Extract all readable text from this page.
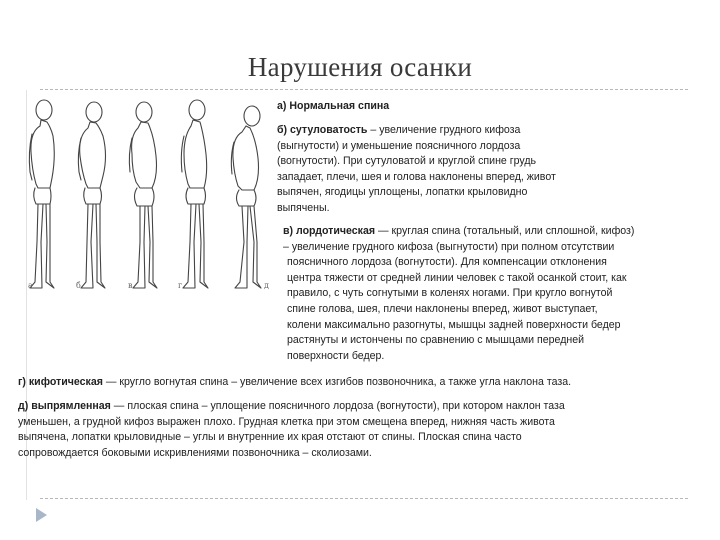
Нарушения осанки
а	б	в	г	д
а) Нормальная спина
б) сутуловатость – увеличение грудного кифоза
(выгнутости) и уменьшение поясничного лордоза
(вогнутости). При сутуловатой и круглой спине грудь
западает, плечи, шея и голова наклонены вперед, живот
выпячен, ягодицы уплощены, лопатки крыловидно
выпячены.
в) лордотическая — круглая спина (тотальный, или сплошной, кифоз)
– увеличение грудного кифоза (выгнутости) при полном отсутствии
поясничного лордоза (вогнутости). Для компенсации отклонения
центра тяжести от средней линии человек с такой осанкой стоит, как
правило, с чуть согнутыми в коленях ногами. При кругло вогнутой
спине голова, шея, плечи наклонены вперед, живот выступает,
колени максимально разогнуты, мышцы задней поверхности бедер
растянуты и истончены по сравнению с мышцами передней
поверхности бедер.
г) кифотическая — кругло вогнутая спина – увеличение всех изгибов позвоночника, а также угла наклона таза.
д) выпрямленная — плоская спина – уплощение поясничного лордоза (вогнутости), при котором наклон таза
уменьшен, а грудной кифоз выражен плохо. Грудная клетка при этом смещена вперед, нижняя часть живота
выпячена, лопатки крыловидные – углы и внутренние их края отстают от спины. Плоская спина часто
сопровождается боковыми искривлениями позвоночника – сколиозами.
